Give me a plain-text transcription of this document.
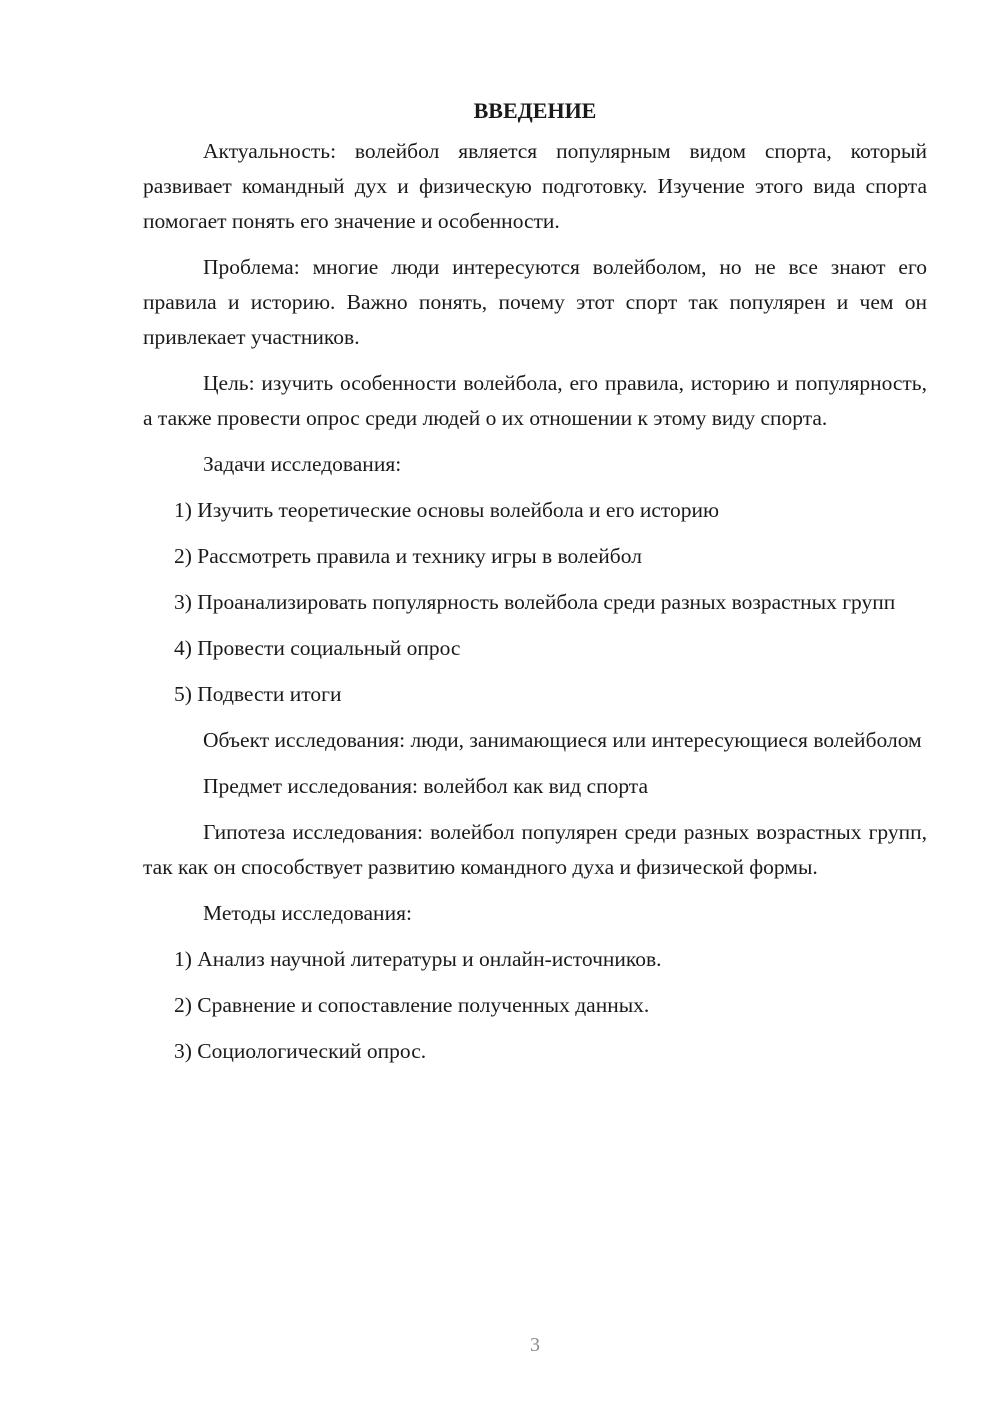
ВВЕДЕНИЕ

Актуальность: волейбол является популярным видом спорта, который развивает командный дух и физическую подготовку. Изучение этого вида спорта помогает понять его значение и особенности.

Проблема: многие люди интересуются волейболом, но не все знают его правила и историю. Важно понять, почему этот спорт так популярен и чем он привлекает участников.

Цель: изучить особенности волейбола, его правила, историю и популярность, а также провести опрос среди людей о их отношении к этому виду спорта.

Задачи исследования:

1) Изучить теоретические основы волейбола и его историю

2) Рассмотреть правила и технику игры в волейбол

3) Проанализировать популярность волейбола среди разных возрастных групп

4) Провести социальный опрос

5) Подвести итоги

Объект исследования: люди, занимающиеся или интересующиеся волейболом

Предмет исследования: волейбол как вид спорта

Гипотеза исследования: волейбол популярен среди разных возрастных групп, так как он способствует развитию командного духа и физической формы.

Методы исследования:

1) Анализ научной литературы и онлайн-источников.

2) Сравнение и сопоставление полученных данных.

3) Социологический опрос.

3
